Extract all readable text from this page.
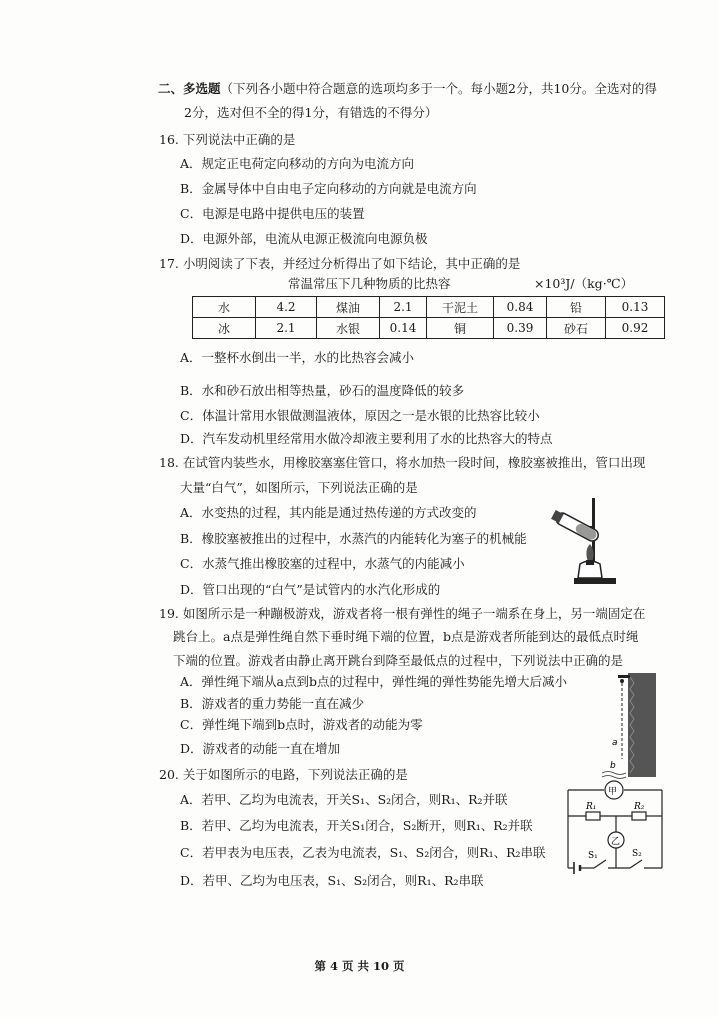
二、多选题（下列各小题中符合题意的选项均多于一个。每小题2分，共10分。全选对的得
2分，选对但不全的得1分，有错选的不得分）
16. 下列说法中正确的是
A．规定正电荷定向移动的方向为电流方向
B．金属导体中自由电子定向移动的方向就是电流方向
C．电源是电路中提供电压的装置
D．电源外部，电流从电源正极流向电源负极
17. 小明阅读了下表，并经过分析得出了如下结论，其中正确的是
常温常压下几种物质的比热容	×10³J/（kg·℃）
水	4.2	煤油	2.1	干泥土	0.84	铅	0.13
冰	2.1	水银	0.14	铜	0.39	砂石	0.92
A．一整杯水倒出一半，水的比热容会减小
B．水和砂石放出相等热量，砂石的温度降低的较多
C．体温计常用水银做测温液体，原因之一是水银的比热容比较小
D．汽车发动机里经常用水做冷却液主要利用了水的比热容大的特点
18. 在试管内装些水，用橡胶塞塞住管口，将水加热一段时间，橡胶塞被推出，管口出现
大量“白气”，如图所示，下列说法正确的是
A．水变热的过程，其内能是通过热传递的方式改变的
B．橡胶塞被推出的过程中，水蒸汽的内能转化为塞子的机械能
C．水蒸气推出橡胶塞的过程中，水蒸气的内能减小
D．管口出现的“白气”是试管内的水汽化形成的
19. 如图所示是一种蹦极游戏，游戏者将一根有弹性的绳子一端系在身上，另一端固定在
跳台上。a点是弹性绳自然下垂时绳下端的位置，b点是游戏者所能到达的最低点时绳
下端的位置。游戏者由静止离开跳台到降至最低点的过程中，下列说法中正确的是
A．弹性绳下端从a点到b点的过程中，弹性绳的弹性势能先增大后减小
B．游戏者的重力势能一直在减少
C．弹性绳下端到b点时，游戏者的动能为零
D．游戏者的动能一直在增加	a
b
20. 关于如图所示的电路，下列说法正确的是
A．若甲、乙均为电流表，开关S₁、S₂闭合，则R₁、R₂并联
B．若甲、乙均为电流表，开关S₁闭合，S₂断开，则R₁、R₂并联
C．若甲表为电压表，乙表为电流表，S₁、S₂闭合，则R₁、R₂串联
D．若甲、乙均为电压表，S₁、S₂闭合，则R₁、R₂串联
甲
乙
R₁	R₂
S₁	S₂
第 4 页 共 10 页
